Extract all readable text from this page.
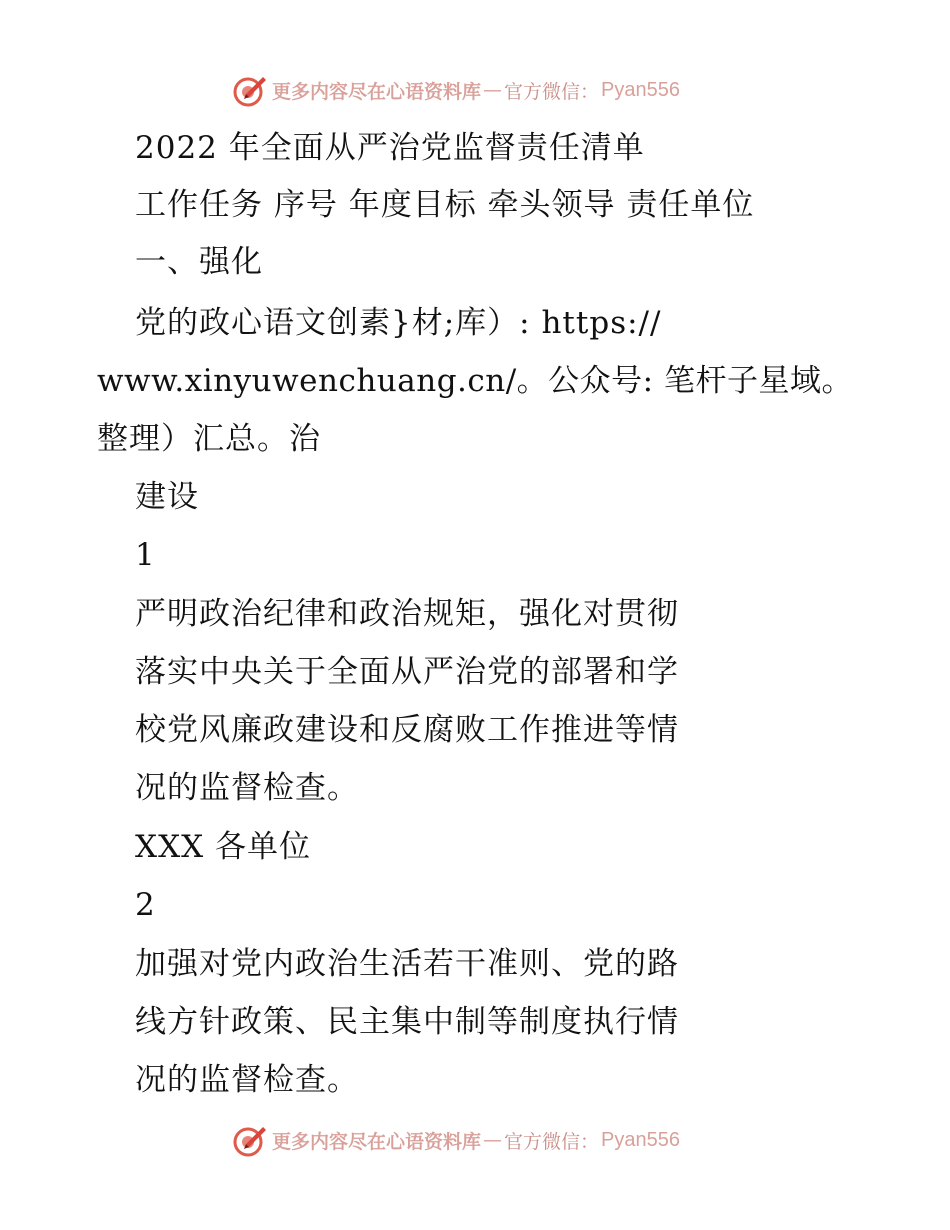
更多内容尽在心语资料库 — 官方微信： Pyan556
2022 年全面从严治党监督责任清单
工作任务 序号 年度目标 牵头领导 责任单位
一、强化
党的政心语文创素}材;库）: https://
www.xinyuwenchuang.cn/。公众号: 笔杆子星域。
整理）汇总。治
建设
1
严明政治纪律和政治规矩，强化对贯彻
落实中央关于全面从严治党的部署和学
校党风廉政建设和反腐败工作推进等情
况的监督检查。
XXX 各单位
2
加强对党内政治生活若干准则、党的路
线方针政策、民主集中制等制度执行情
况的监督检查。
更多内容尽在心语资料库 — 官方微信： Pyan556
